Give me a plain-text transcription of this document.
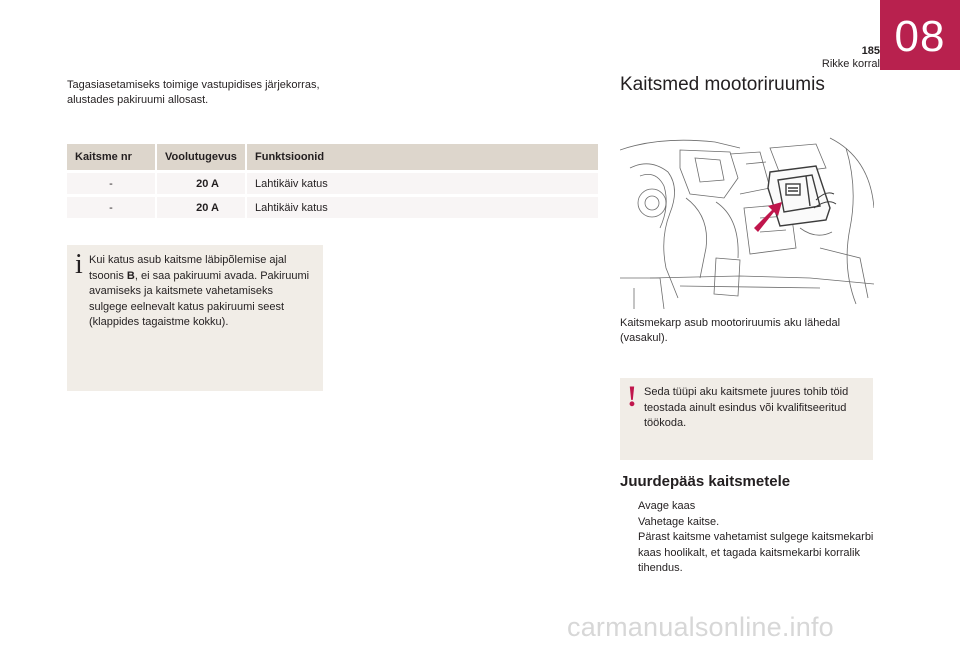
08
185
Rikke korral

Tagasiasetamiseks toimige vastupidises järjekorras, alustades pakiruumi allosast.

Kaitsme nr	Voolutugevus	Funktsioonid
-	20 A	Lahtikäiv katus
-	20 A	Lahtikäiv katus
i Kui katus asub kaitsme läbipõlemise ajal tsoonis B, ei saa pakiruumi avada. Pakiruumi avamiseks ja kaitsmete vahetamiseks sulgege eelnevalt katus pakiruumi seest (klappides tagaistme kokku).

Kaitsmed mootoriruumis

Kaitsmekarp asub mootoriruumis aku lähedal (vasakul).

! Seda tüüpi aku kaitsmete juures tohib töid teostada ainult esindus või kvalifitseeritud töökoda.

Juurdepääs kaitsmetele
Avage kaas
Vahetage kaitse.
Pärast kaitsme vahetamist sulgege kaitsmekarbi kaas hoolikalt, et tagada kaitsmekarbi korralik tihendus.
carmanualsonline.info
